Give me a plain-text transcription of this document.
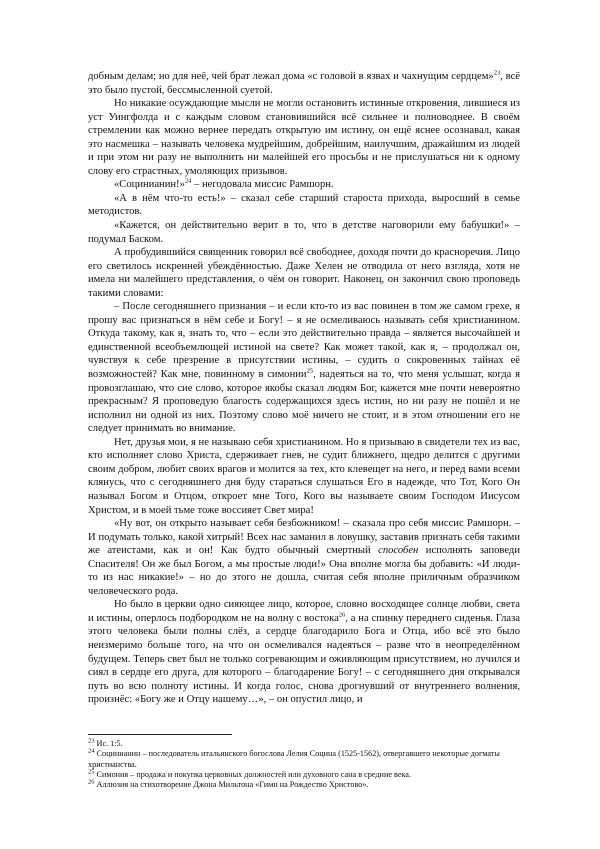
добным делам; но для неё, чей брат лежал дома «с головой в язвах и чахнущим сердцем»$^{23}$, всё это было пустой, бессмысленной суетой.

Но никакие осуждающие мысли не могли остановить истинные откровения, лившиеся из уст Уингфолда и с каждым словом становившийся всё сильнее и полноводнее. В своём стремлении как можно вернее передать открытую им истину, он ещё яснее осознавал, какая это насмешка – называть человека мудрейшим, добрейшим, наилучшим, дражайшим из людей и при этом ни разу не выполнить ни малейшей его просьбы и не прислушаться ни к одному слову его страстных, умоляющих призывов.

«Социнианин!»$^{24}$ – негодовала миссис Рамшорн.

«А в нём что-то есть!» – сказал себе старший староста прихода, выросший в семье методистов.

«Кажется, он действительно верит в то, что в детстве наговорили ему бабушки!» – подумал Баском.

А пробудившийся священник говорил всё свободнее, доходя почти до красноречия. Лицо его светилось искренней убеждённостью. Даже Хелен не отводила от него взгляда, хотя не имела ни малейшего представления, о чём он говорит. Наконец, он закончил свою проповедь такими словами:

– После сегодняшнего признания – и если кто-то из вас повинен в том же самом грехе, я прошу вас признаться в нём себе и Богу! – я не осмеливаюсь называть себя христианином. Откуда такому, как я, знать то, что – если это действительно правда – является высочайшей и единственной всеобъемлющей истиной на свете? Как может такой, как я, – продолжал он, чувствуя к себе презрение в присутствии истины, – судить о сокровенных тайнах её возможностей? Как мне, повинному в симонии$^{25}$, надеяться на то, что меня услышат, когда я провозглашаю, что сие слово, которое якобы сказал людям Бог, кажется мне почти невероятно прекрасным? Я проповедую благость содержащихся здесь истин, но ни разу не пошёл и не исполнил ни одной из них. Поэтому слово моё ничего не стоит, и в этом отношении его не следует принимать во внимание.

Нет, друзья мои, я не называю себя христианином. Но я призываю в свидетели тех из вас, кто исполняет слово Христа, сдерживает гнев, не судит ближнего, щедро делится с другими своим добром, любит своих врагов и молится за тех, кто клевещет на него, и перед вами всеми клянусь, что с сегодняшнего дня буду стараться слушаться Его в надежде, что Тот, Кого Он называл Богом и Отцом, откроет мне Того, Кого вы называете своим Господом Иисусом Христом, и в моей тьме тоже воссияет Свет мира!

«Ну вот, он открыто называет себя безбожником! – сказала про себя миссис Рамшорн. – И подумать только, какой хитрый! Всех нас заманил в ловушку, заставив признать себя такими же атеистами, как и он! Как будто обычный смертный способен исполнять заповеди Спасителя! Он же был Богом, а мы простые люди!» Она вполне могла бы добавить: «И люди-то из нас никакие!» – но до этого не дошла, считая себя вполне приличным образчиком человеческого рода.

Но было в церкви одно сияющее лицо, которое, словно восходящее солнце любви, света и истины, оперлось подбородком не на волну с востока$^{26}$, а на спинку переднего сиденья. Глаза этого человека были полны слёз, а сердце благодарило Бога и Отца, ибо всё это было неизмеримо больше того, на что он осмеливался надеяться – разве что в неопределённом будущем. Теперь свет был не только согревающим и оживляющим присутствием, но лучился и сиял в сердце его друга, для которого – благодарение Богу! – с сегодняшнего дня открывался путь во всю полноту истины. И когда голос, снова дрогнувший от внутреннего волнения, произнёс: «Богу же и Отцу нашему…», – он опустил лицо, и

$^{23}$ Ис. 1:5.

$^{24}$ Социнианин – последователь итальянского богослова Лелия Социна (1525-1562), отвергавшего некоторые догматы христианства.

$^{25}$ Симония – продажа и покупка церковных должностей или духовного сана в средние века.

$^{26}$ Аллюзия на стихотворение Джона Мильтона «Гимн на Рождество Христово».
